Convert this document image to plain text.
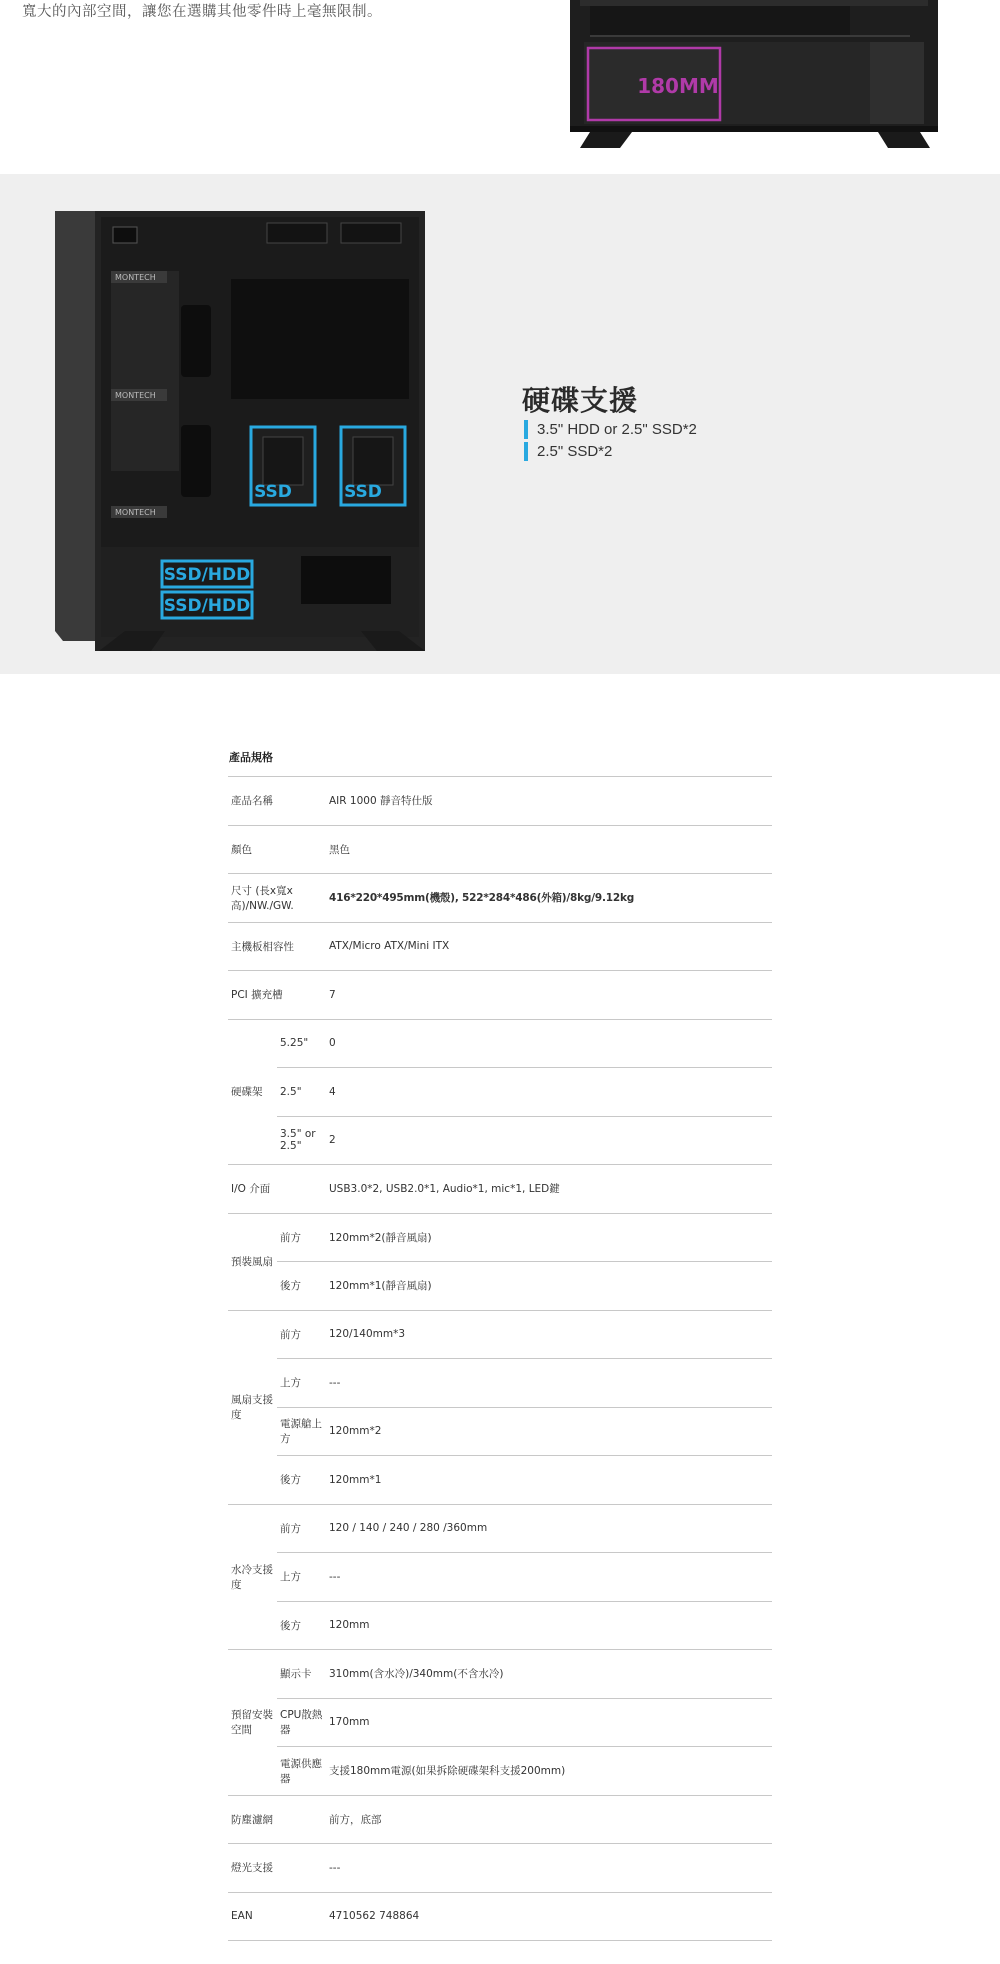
寬大的內部空間，讓您在選購其他零件時上毫無限制。
180MM
MONTECH
MONTECH
MONTECH
SSD	SSD
SSD/HDD
SSD/HDD
硬碟支援
3.5" HDD or 2.5" SSD*2
2.5" SSD*2
產品規格
產品名稱		AIR 1000 靜音特仕版
顏色		黑色
尺寸 (長x寬x高)/NW./GW.		416*220*495mm(機殼), 522*284*486(外箱)/8kg/9.12kg
主機板相容性		ATX/Micro ATX/Mini ITX
PCI 擴充槽		7
硬碟架	5.25"	0
	2.5"	4
	3.5" or 2.5"	2
I/O 介面		USB3.0*2, USB2.0*1, Audio*1, mic*1, LED鍵
預裝風扇	前方	120mm*2(靜音風扇)
	後方	120mm*1(靜音風扇)
風扇支援度	前方	120/140mm*3
	上方	---
	電源艙上方	120mm*2
	後方	120mm*1
水冷支援度	前方	120 / 140 / 240 / 280 /360mm
	上方	---
	後方	120mm
預留安裝空間	顯示卡	310mm(含水冷)/340mm(不含水冷)
	CPU散熱器	170mm
	電源供應器	支援180mm電源(如果拆除硬碟架科支援200mm)
防塵濾網		前方，底部
燈光支援		---
EAN		4710562 748864
